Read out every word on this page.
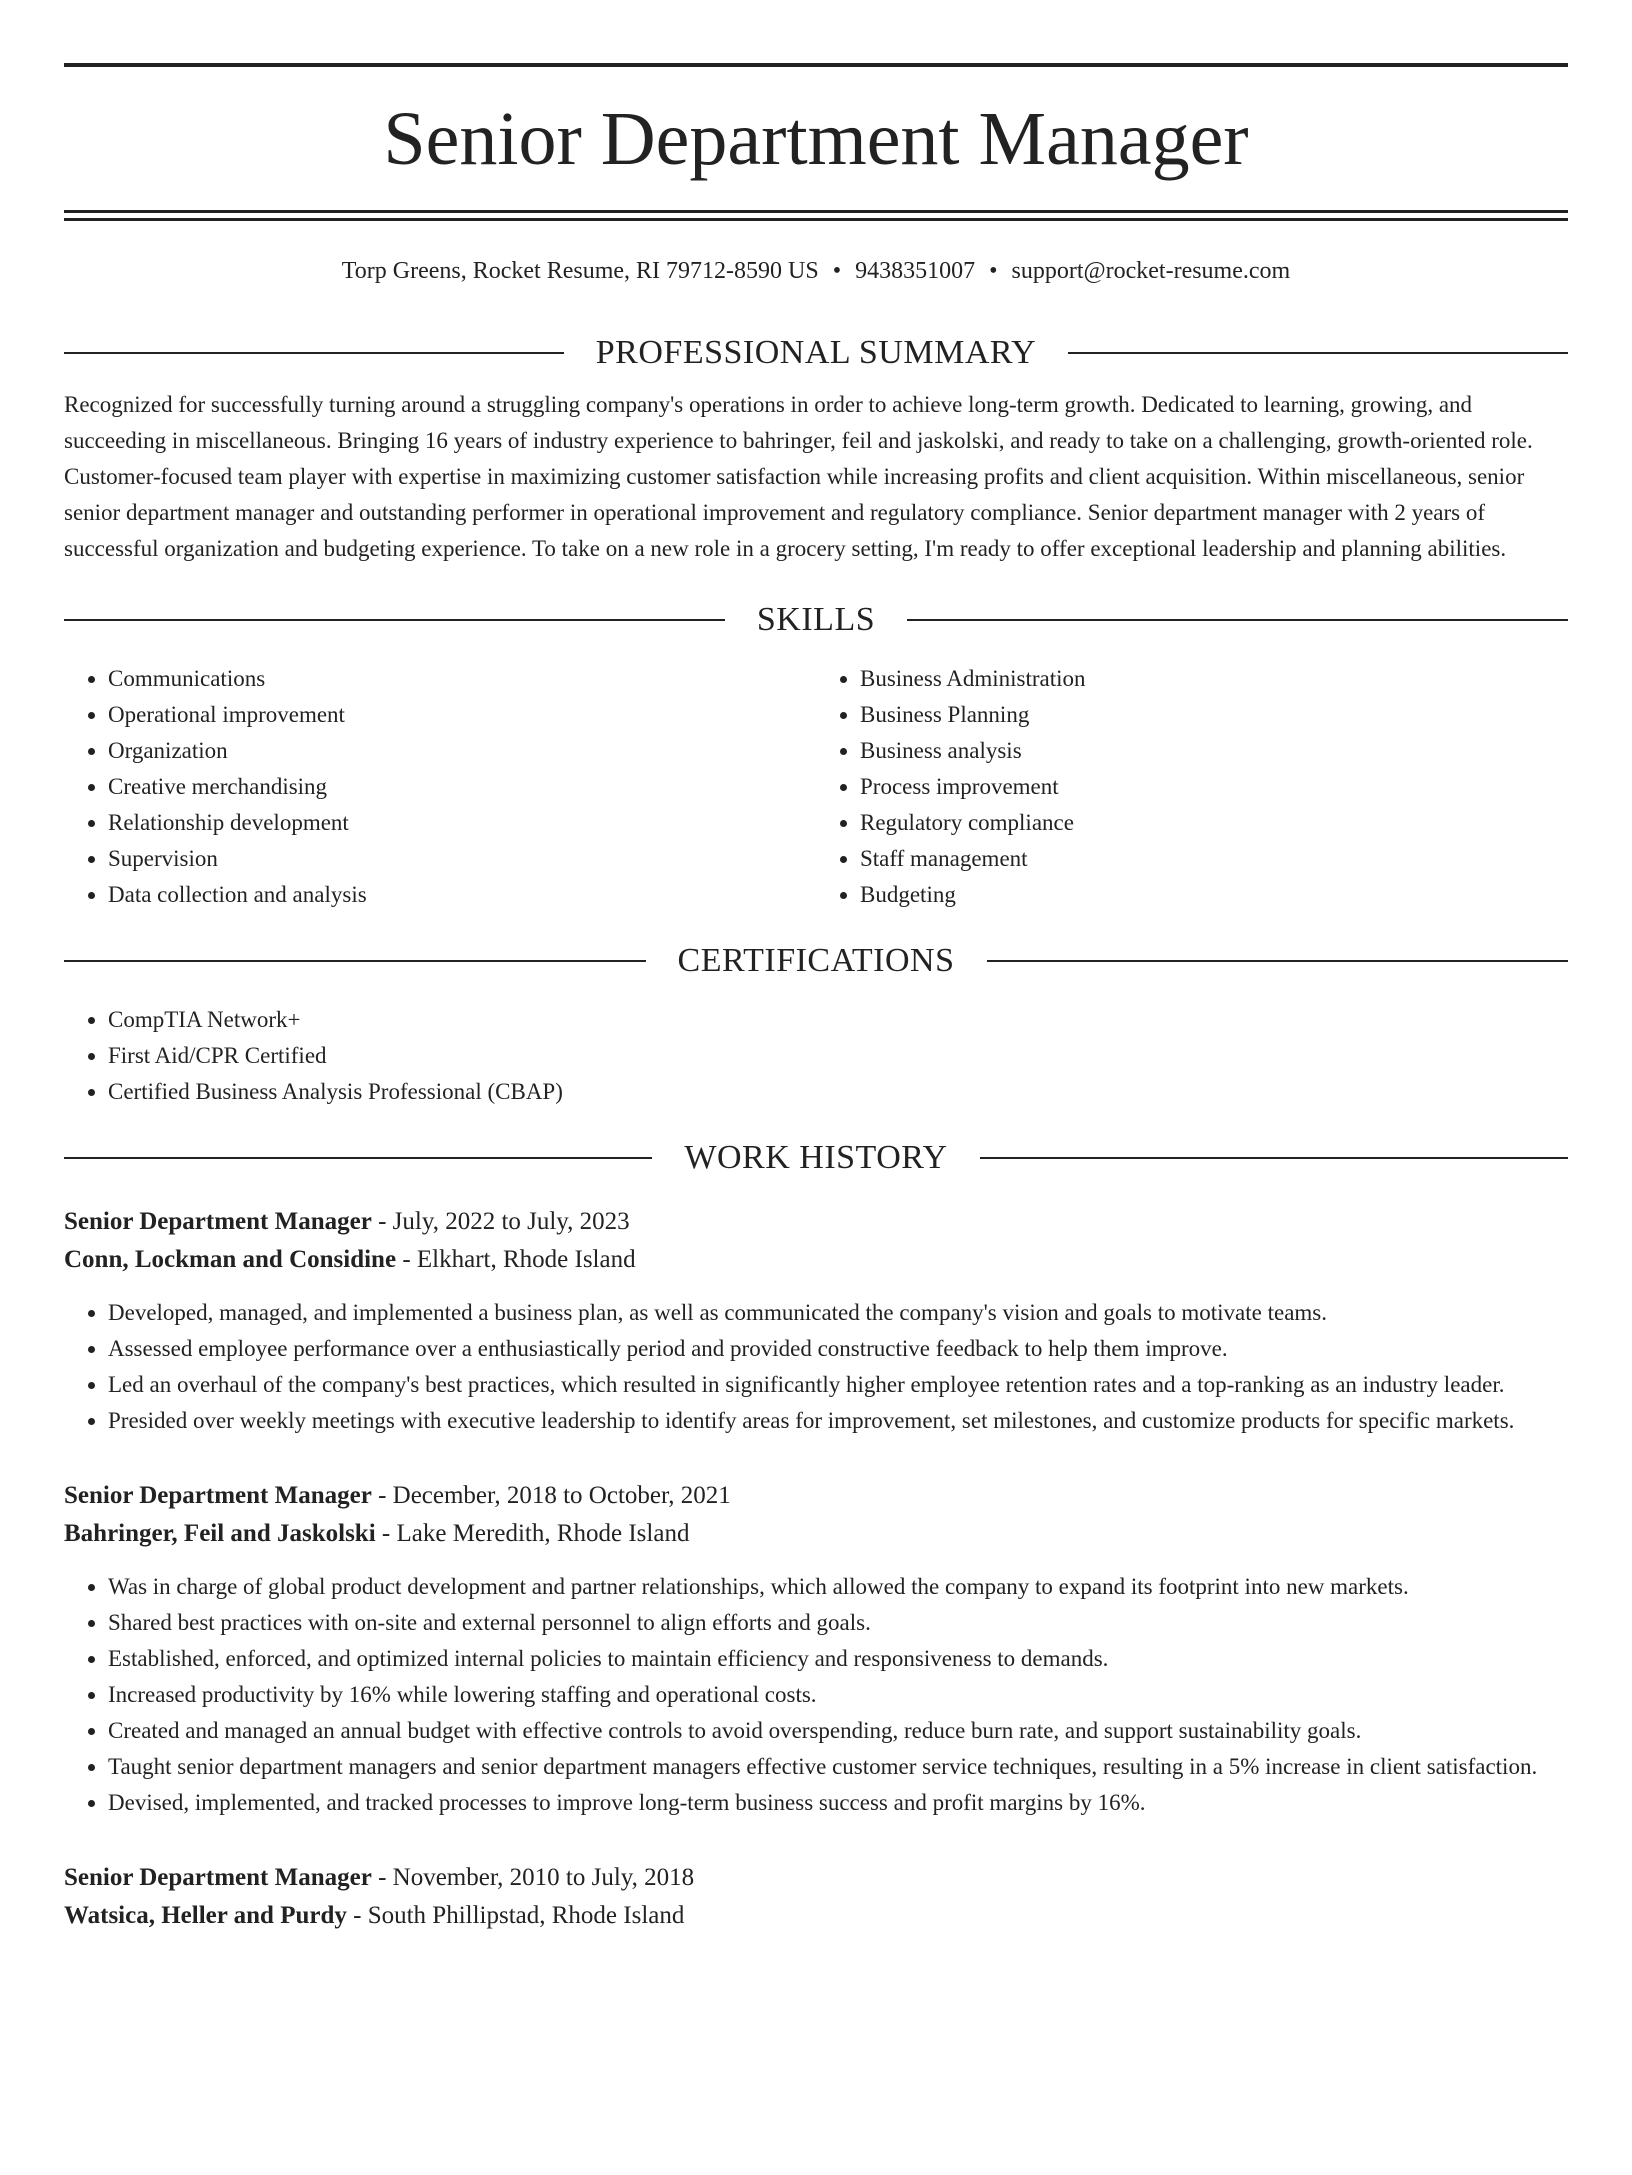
Senior Department Manager
Torp Greens, Rocket Resume, RI 79712-8590 US • 9438351007 • support@rocket-resume.com
PROFESSIONAL SUMMARY

Recognized for successfully turning around a struggling company's operations in order to achieve long-term growth. Dedicated to learning, growing, and succeeding in miscellaneous. Bringing 16 years of industry experience to bahringer, feil and jaskolski, and ready to take on a challenging, growth-oriented role. Customer-focused team player with expertise in maximizing customer satisfaction while increasing profits and client acquisition. Within miscellaneous, senior senior department manager and outstanding performer in operational improvement and regulatory compliance. Senior department manager with 2 years of successful organization and budgeting experience. To take on a new role in a grocery setting, I'm ready to offer exceptional leadership and planning abilities.

SKILLS
• Communications
• Operational improvement
• Organization
• Creative merchandising
• Relationship development
• Supervision
• Data collection and analysis
• Business Administration
• Business Planning
• Business analysis
• Process improvement
• Regulatory compliance
• Staff management
• Budgeting
CERTIFICATIONS
• CompTIA Network+
• First Aid/CPR Certified
• Certified Business Analysis Professional (CBAP)
WORK HISTORY
Senior Department Manager - July, 2022 to July, 2023
Conn, Lockman and Considine - Elkhart, Rhode Island
• Developed, managed, and implemented a business plan, as well as communicated the company's vision and goals to motivate teams.
• Assessed employee performance over a enthusiastically period and provided constructive feedback to help them improve.
• Led an overhaul of the company's best practices, which resulted in significantly higher employee retention rates and a top-ranking as an industry leader.
• Presided over weekly meetings with executive leadership to identify areas for improvement, set milestones, and customize products for specific markets.
Senior Department Manager - December, 2018 to October, 2021
Bahringer, Feil and Jaskolski - Lake Meredith, Rhode Island
• Was in charge of global product development and partner relationships, which allowed the company to expand its footprint into new markets.
• Shared best practices with on-site and external personnel to align efforts and goals.
• Established, enforced, and optimized internal policies to maintain efficiency and responsiveness to demands.
• Increased productivity by 16% while lowering staffing and operational costs.
• Created and managed an annual budget with effective controls to avoid overspending, reduce burn rate, and support sustainability goals.
• Taught senior department managers and senior department managers effective customer service techniques, resulting in a 5% increase in client satisfaction.
• Devised, implemented, and tracked processes to improve long-term business success and profit margins by 16%.
Senior Department Manager - November, 2010 to July, 2018
Watsica, Heller and Purdy - South Phillipstad, Rhode Island
